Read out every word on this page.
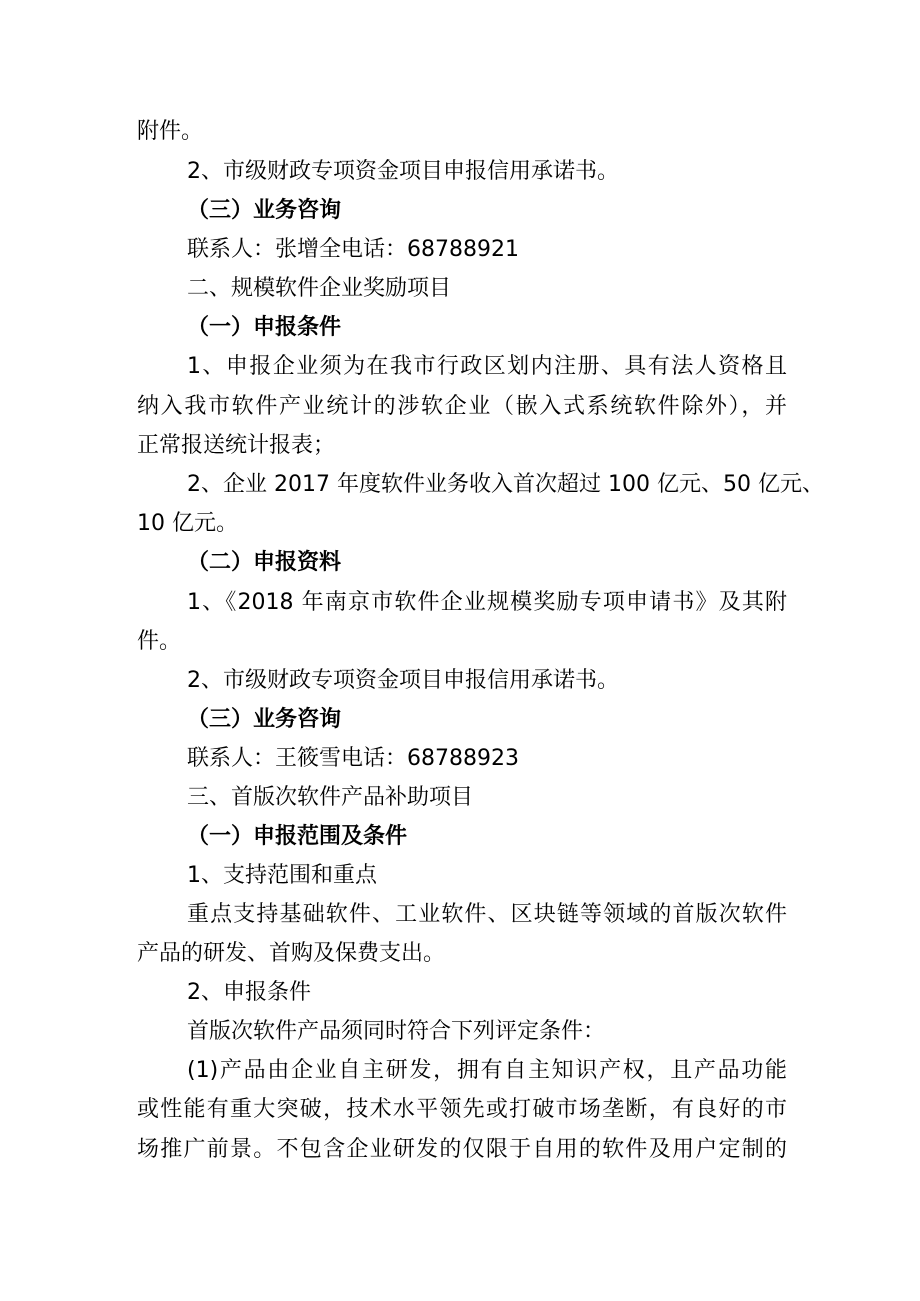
附件。
2、市级财政专项资金项目申报信用承诺书。
（三）业务咨询
联系人：张增全电话：68788921
二、规模软件企业奖励项目
（一）申报条件
1、申报企业须为在我市行政区划内注册、具有法人资格且
纳入我市软件产业统计的涉软企业（嵌入式系统软件除外），并
正常报送统计报表；
2、企业 2017 年度软件业务收入首次超过 100 亿元、50 亿元、
10 亿元。
（二）申报资料
1、《2018 年南京市软件企业规模奖励专项申请书》及其附
件。
2、市级财政专项资金项目申报信用承诺书。
（三）业务咨询
联系人：王筱雪电话：68788923
三、首版次软件产品补助项目
（一）申报范围及条件
1、支持范围和重点
重点支持基础软件、工业软件、区块链等领域的首版次软件
产品的研发、首购及保费支出。
2、申报条件
首版次软件产品须同时符合下列评定条件：
(1)产品由企业自主研发，拥有自主知识产权，且产品功能
或性能有重大突破，技术水平领先或打破市场垄断，有良好的市
场推广前景。不包含企业研发的仅限于自用的软件及用户定制的
